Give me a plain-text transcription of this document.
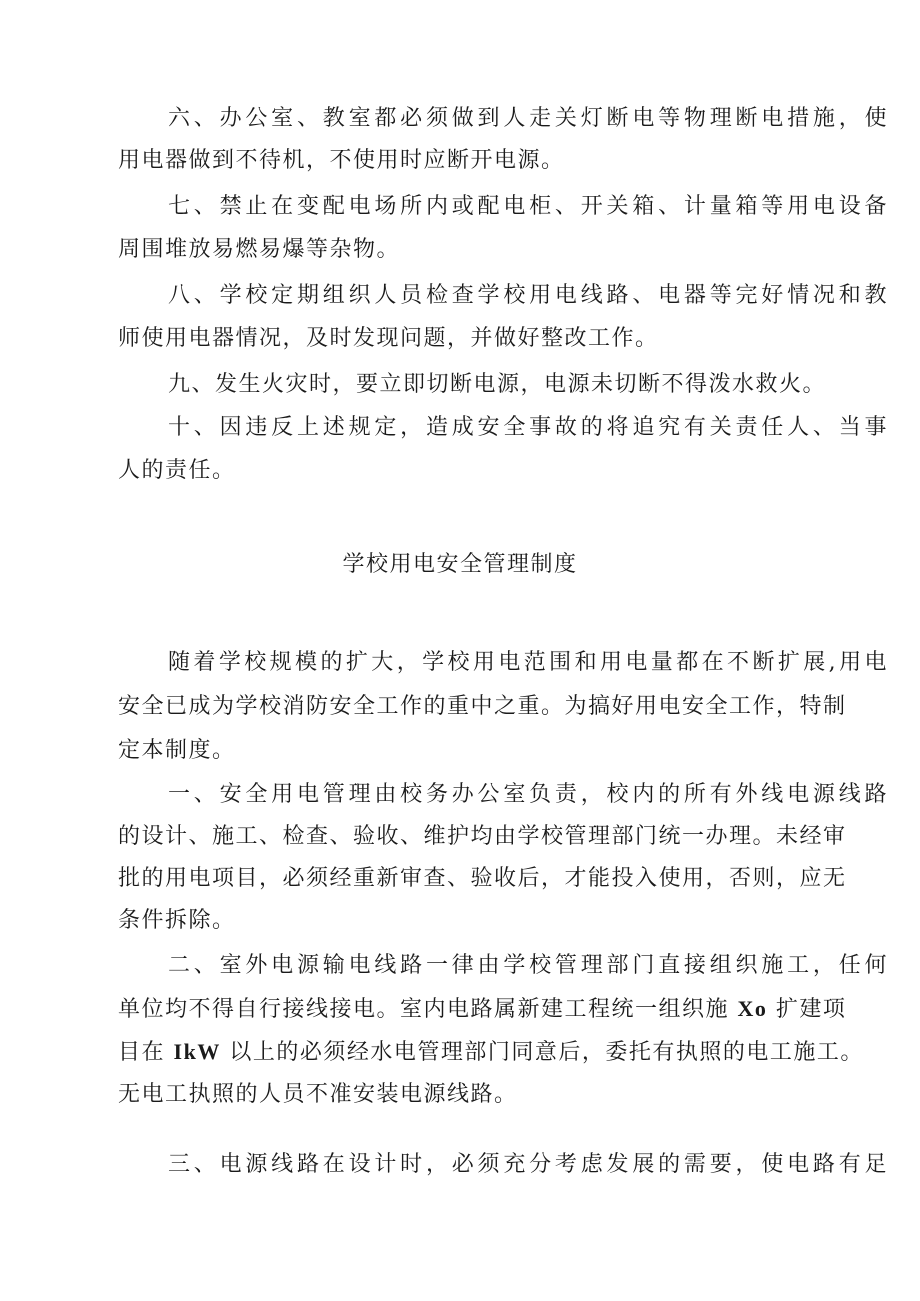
六、办公室、教室都必须做到人走关灯断电等物理断电措施，使
用电器做到不待机，不使用时应断开电源。
七、禁止在变配电场所内或配电柜、开关箱、计量箱等用电设备
周围堆放易燃易爆等杂物。
八、学校定期组织人员检查学校用电线路、电器等完好情况和教
师使用电器情况，及时发现问题，并做好整改工作。
九、发生火灾时，要立即切断电源，电源未切断不得泼水救火。
十、因违反上述规定，造成安全事故的将追究有关责任人、当事
人的责任。
学校用电安全管理制度
随着学校规模的扩大，学校用电范围和用电量都在不断扩展,用电
安全已成为学校消防安全工作的重中之重。为搞好用电安全工作，特制
定本制度。
一、安全用电管理由校务办公室负责，校内的所有外线电源线路
的设计、施工、检查、验收、维护均由学校管理部门统一办理。未经审
批的用电项目，必须经重新审查、验收后，才能投入使用，否则，应无
条件拆除。
二、室外电源输电线路一律由学校管理部门直接组织施工，任何
单位均不得自行接线接电。室内电路属新建工程统一组织施 Xo 扩建项
目在 IkW 以上的必须经水电管理部门同意后，委托有执照的电工施工。
无电工执照的人员不准安装电源线路。
三、电源线路在设计时，必须充分考虑发展的需要，使电路有足
